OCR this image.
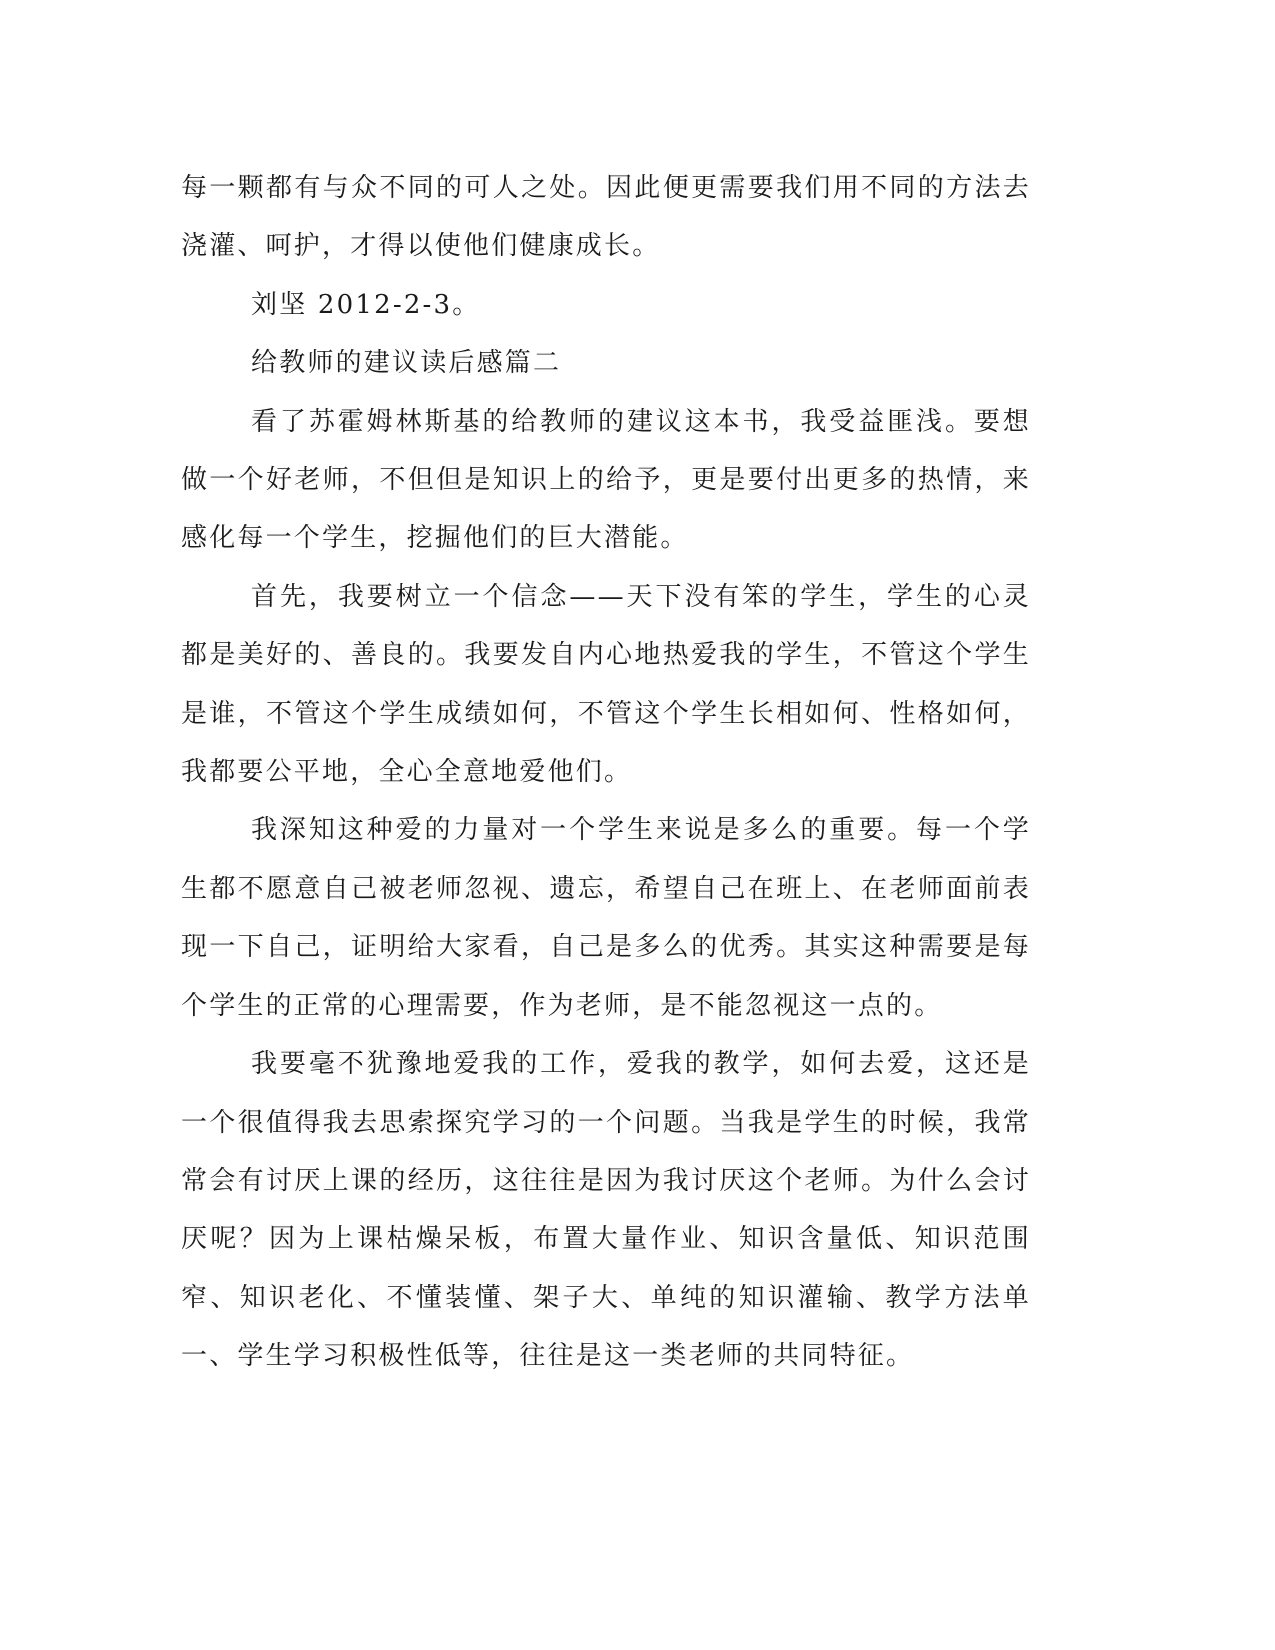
每一颗都有与众不同的可人之处。因此便更需要我们用不同的方法去浇灌、呵护，才得以使他们健康成长。

刘坚 2012-2-3。

给教师的建议读后感篇二

看了苏霍姆林斯基的给教师的建议这本书，我受益匪浅。要想做一个好老师，不但但是知识上的给予，更是要付出更多的热情，来感化每一个学生，挖掘他们的巨大潜能。

首先，我要树立一个信念——天下没有笨的学生，学生的心灵都是美好的、善良的。我要发自内心地热爱我的学生，不管这个学生是谁，不管这个学生成绩如何，不管这个学生长相如何、性格如何，我都要公平地，全心全意地爱他们。

我深知这种爱的力量对一个学生来说是多么的重要。每一个学生都不愿意自己被老师忽视、遗忘，希望自己在班上、在老师面前表现一下自己，证明给大家看，自己是多么的优秀。其实这种需要是每个学生的正常的心理需要，作为老师，是不能忽视这一点的。

我要毫不犹豫地爱我的工作，爱我的教学，如何去爱，这还是一个很值得我去思索探究学习的一个问题。当我是学生的时候，我常常会有讨厌上课的经历，这往往是因为我讨厌这个老师。为什么会讨厌呢？因为上课枯燥呆板，布置大量作业、知识含量低、知识范围窄、知识老化、不懂装懂、架子大、单纯的知识灌输、教学方法单一、学生学习积极性低等，往往是这一类老师的共同特征。
